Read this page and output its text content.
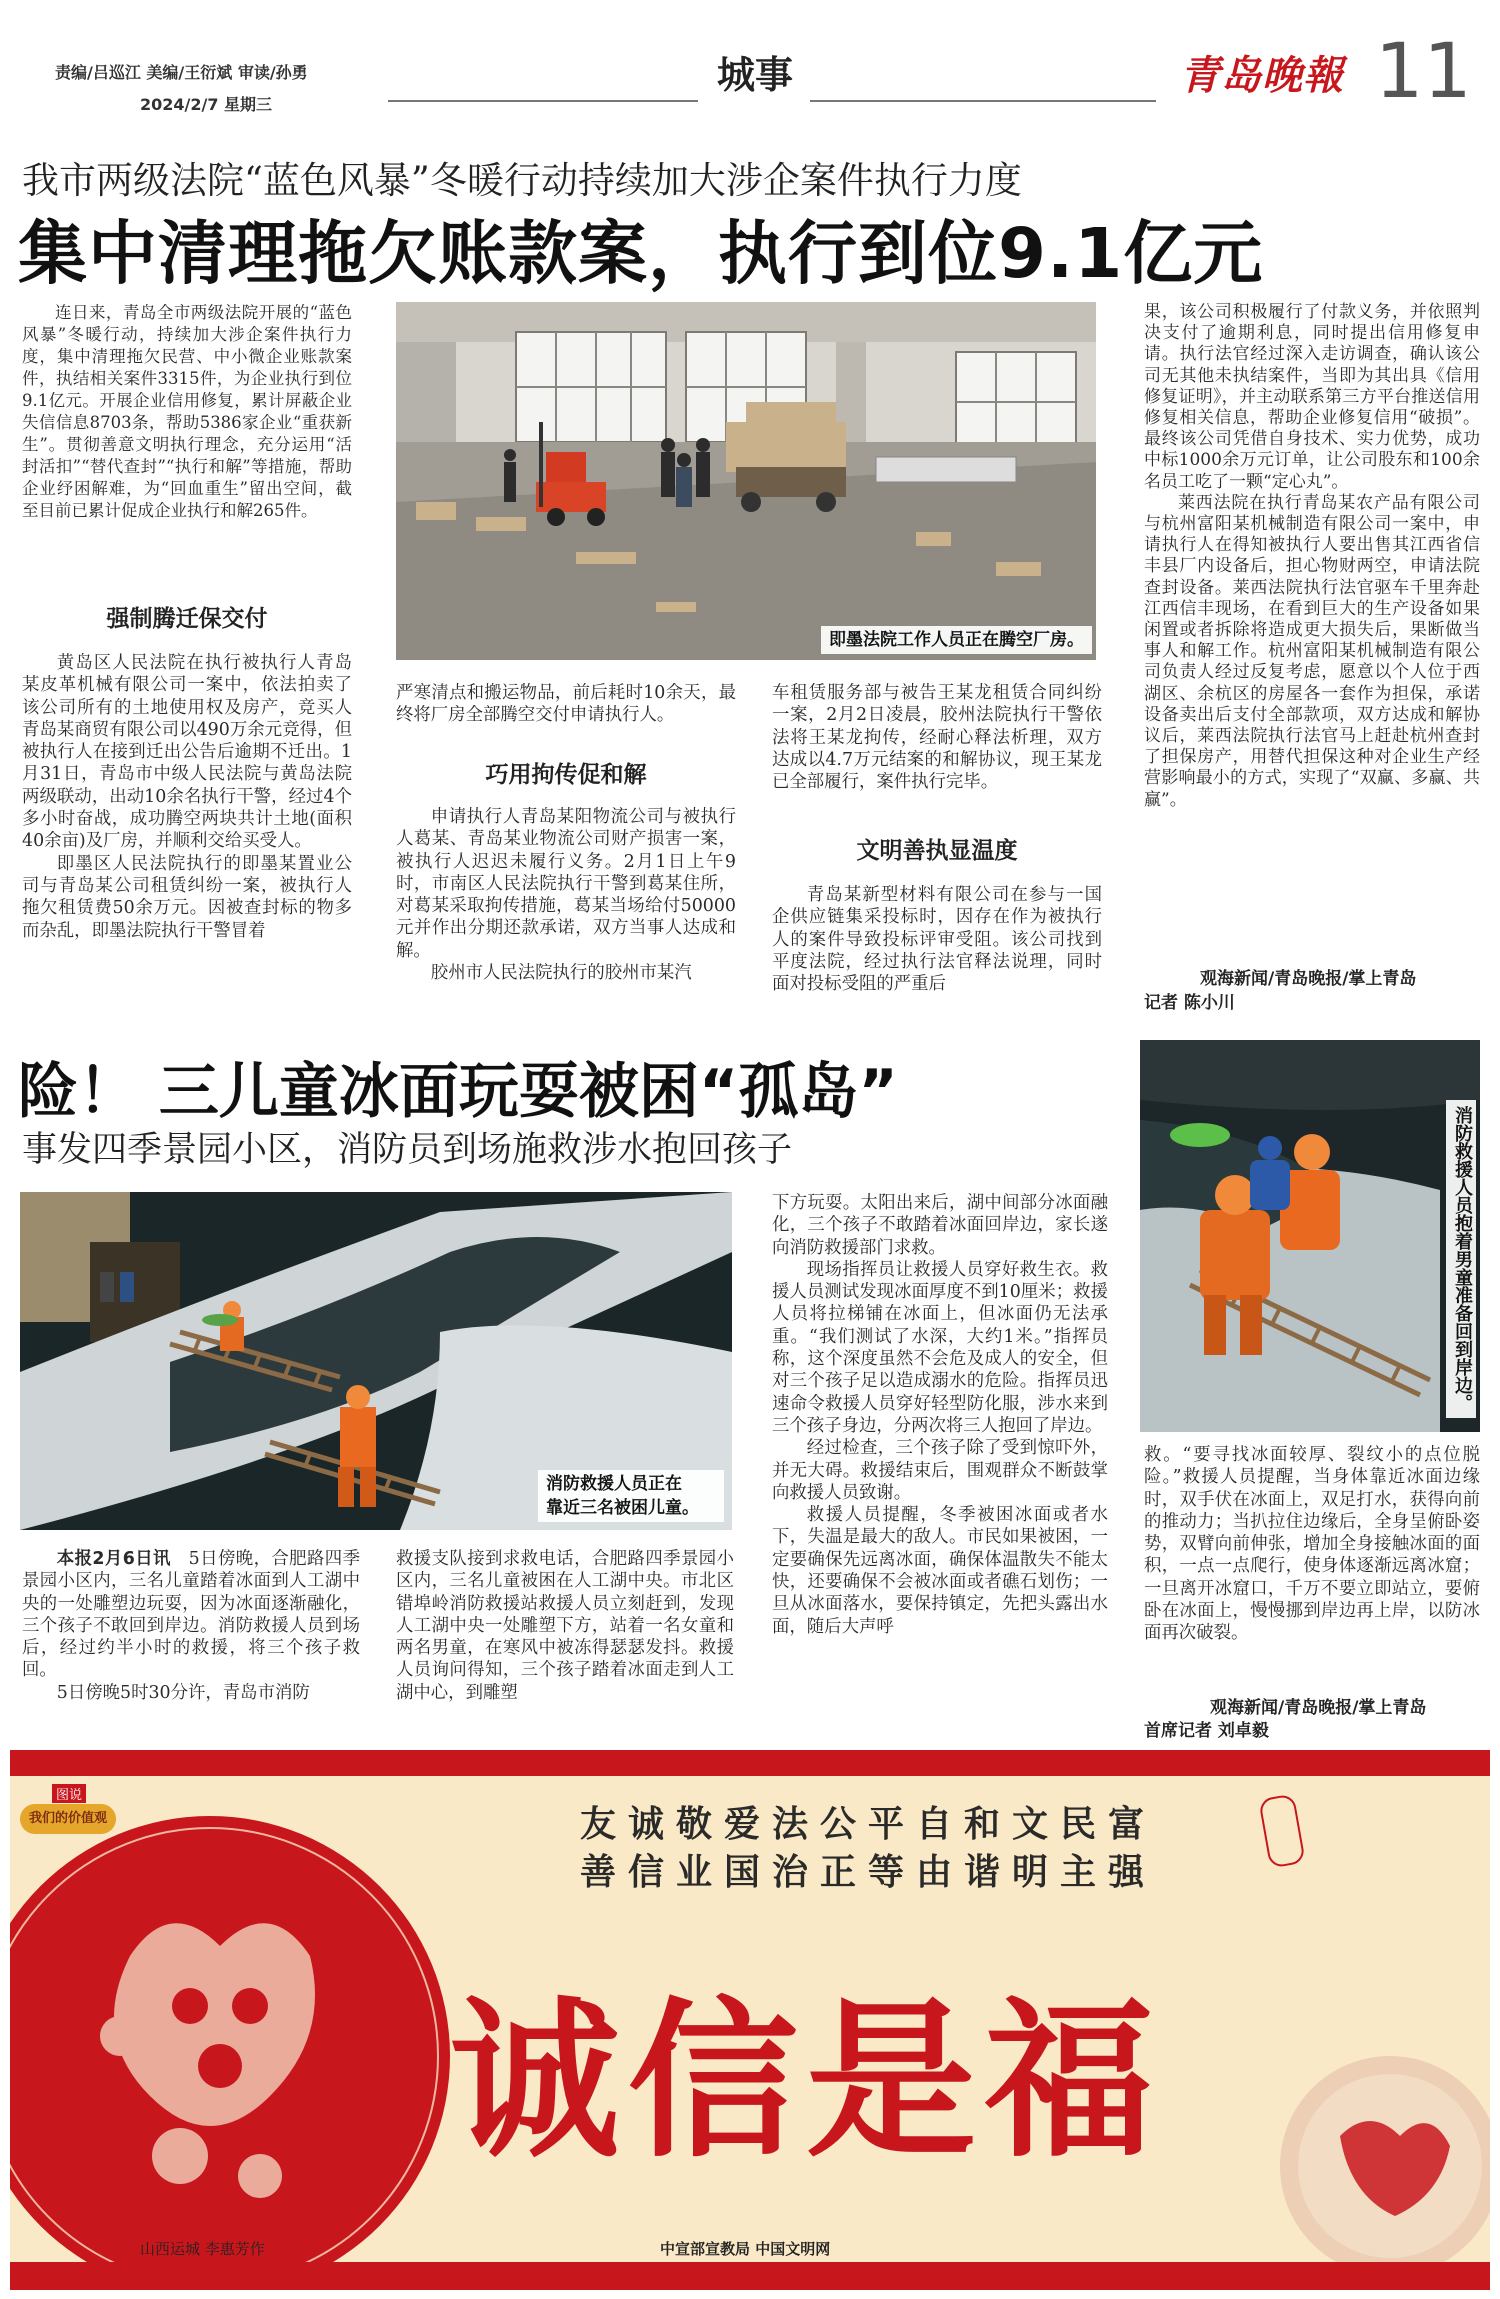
责编/吕巡江 美编/王衍斌 审读/孙勇
2024/2/7 星期三
城事	青岛晚報 11
我市两级法院“蓝色风暴”冬暖行动持续加大涉企案件执行力度
集中清理拖欠账款案，执行到位9.1亿元

连日来，青岛全市两级法院开展的“蓝色风暴”冬暖行动，持续加大涉企案件执行力度，集中清理拖欠民营、中小微企业账款案件，执结相关案件3315件，为企业执行到位9.1亿元。开展企业信用修复，累计屏蔽企业失信信息8703条，帮助5386家企业“重获新生”。贯彻善意文明执行理念，充分运用“活封活扣”“替代查封”“执行和解”等措施，帮助企业纾困解难，为“回血重生”留出空间，截至目前已累计促成企业执行和解265件。

强制腾迁保交付

黄岛区人民法院在执行被执行人青岛某皮革机械有限公司一案中，依法拍卖了该公司所有的土地使用权及房产，竞买人青岛某商贸有限公司以490万余元竞得，但被执行人在接到迁出公告后逾期不迁出。1月31日，青岛市中级人民法院与黄岛法院两级联动，出动10余名执行干警，经过4个多小时奋战，成功腾空两块共计土地(面积40余亩)及厂房，并顺利交给买受人。

即墨区人民法院执行的即墨某置业公司与青岛某公司租赁纠纷一案，被执行人拖欠租赁费50余万元。因被查封标的物多而杂乱，即墨法院执行干警冒着

即墨法院工作人员正在腾空厂房。

严寒清点和搬运物品，前后耗时10余天，最终将厂房全部腾空交付申请执行人。

巧用拘传促和解

申请执行人青岛某阳物流公司与被执行人葛某、青岛某业物流公司财产损害一案，被执行人迟迟未履行义务。2月1日上午9时，市南区人民法院执行干警到葛某住所，对葛某采取拘传措施，葛某当场给付50000元并作出分期还款承诺，双方当事人达成和解。

胶州市人民法院执行的胶州市某汽

车租赁服务部与被告王某龙租赁合同纠纷一案，2月2日凌晨，胶州法院执行干警依法将王某龙拘传，经耐心释法析理，双方达成以4.7万元结案的和解协议，现王某龙已全部履行，案件执行完毕。

文明善执显温度

青岛某新型材料有限公司在参与一国企供应链集采投标时，因存在作为被执行人的案件导致投标评审受阻。该公司找到平度法院，经过执行法官释法说理，同时面对投标受阻的严重后

果，该公司积极履行了付款义务，并依照判决支付了逾期利息，同时提出信用修复申请。执行法官经过深入走访调查，确认该公司无其他未执结案件，当即为其出具《信用修复证明》，并主动联系第三方平台推送信用修复相关信息，帮助企业修复信用“破损”。最终该公司凭借自身技术、实力优势，成功中标1000余万元订单，让公司股东和100余名员工吃了一颗“定心丸”。

莱西法院在执行青岛某农产品有限公司与杭州富阳某机械制造有限公司一案中，申请执行人在得知被执行人要出售其江西省信丰县厂内设备后，担心物财两空，申请法院查封设备。莱西法院执行法官驱车千里奔赴江西信丰现场，在看到巨大的生产设备如果闲置或者拆除将造成更大损失后，果断做当事人和解工作。杭州富阳某机械制造有限公司负责人经过反复考虑，愿意以个人位于西湖区、余杭区的房屋各一套作为担保，承诺设备卖出后支付全部款项，双方达成和解协议后，莱西法院执行法官马上赶赴杭州查封了担保房产，用替代担保这种对企业生产经营影响最小的方式，实现了“双赢、多赢、共赢”。

观海新闻/青岛晚报/掌上青岛
记者 陈小川
险！ 三儿童冰面玩耍被困“孤岛”
事发四季景园小区，消防员到场施救涉水抱回孩子
消防救援人员正在
靠近三名被困儿童。
消防救援人员抱着男童准备回到岸边。

本报2月6日讯　 5日傍晚，合肥路四季景园小区内，三名儿童踏着冰面到人工湖中央的一处雕塑边玩耍，因为冰面逐渐融化，三个孩子不敢回到岸边。消防救援人员到场后，经过约半小时的救援，将三个孩子救回。

5日傍晚5时30分许，青岛市消防

救援支队接到求救电话，合肥路四季景园小区内，三名儿童被困在人工湖中央。市北区错埠岭消防救援站救援人员立刻赶到，发现人工湖中央一处雕塑下方，站着一名女童和两名男童，在寒风中被冻得瑟瑟发抖。救援人员询问得知，三个孩子踏着冰面走到人工湖中心，到雕塑

下方玩耍。太阳出来后，湖中间部分冰面融化，三个孩子不敢踏着冰面回岸边，家长遂向消防救援部门求救。

现场指挥员让救援人员穿好救生衣。救援人员测试发现冰面厚度不到10厘米；救援人员将拉梯铺在冰面上，但冰面仍无法承重。“我们测试了水深，大约1米。”指挥员称，这个深度虽然不会危及成人的安全，但对三个孩子足以造成溺水的危险。指挥员迅速命令救援人员穿好轻型防化服，涉水来到三个孩子身边，分两次将三人抱回了岸边。

经过检查，三个孩子除了受到惊吓外，并无大碍。救援结束后，围观群众不断鼓掌向救援人员致谢。

救援人员提醒，冬季被困冰面或者水下，失温是最大的敌人。市民如果被困，一定要确保先远离冰面，确保体温散失不能太快，还要确保不会被冰面或者礁石划伤；一旦从冰面落水，要保持镇定，先把头露出水面，随后大声呼

救。“要寻找冰面较厚、裂纹小的点位脱险。”救援人员提醒，当身体靠近冰面边缘时，双手伏在冰面上，双足打水，获得向前的推动力；当扒拉住边缘后，全身呈俯卧姿势，双臂向前伸张，增加全身接触冰面的面积，一点一点爬行，使身体逐渐远离冰窟；一旦离开冰窟口，千万不要立即站立，要俯卧在冰面上，慢慢挪到岸边再上岸，以防冰面再次破裂。

观海新闻/青岛晚报/掌上青岛
首席记者 刘卓毅
图说
我们的价值观	友诚敬爱法公平自和文民富
善信业国治正等由谐明主强
诚信是福
山西运城 李惠芳作	中宣部宣教局 中国文明网
